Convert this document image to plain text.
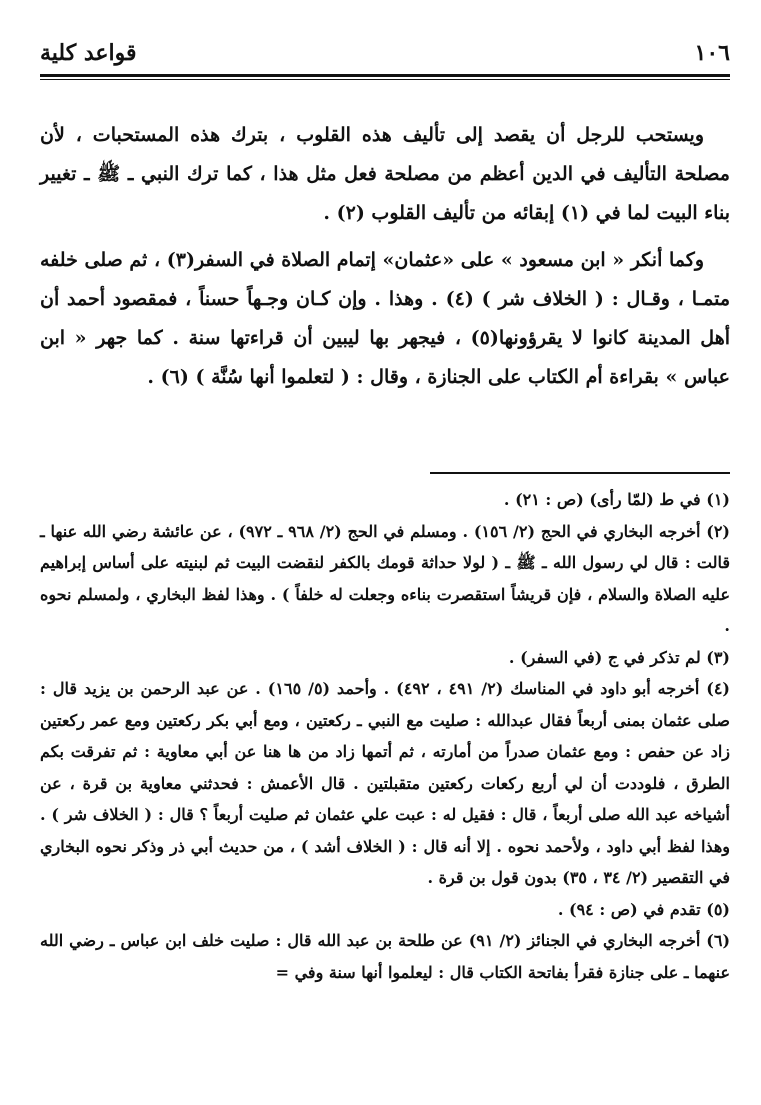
١٠٦
قواعد كلية

ويستحب للرجل أن يقصد إلى تأليف هذه القلوب ، بترك هذه المستحبات ، لأن مصلحة التأليف في الدين أعظم من مصلحة فعل مثل هذا ، كما ترك النبي ـ ﷺ ـ تغيير بناء البيت لما في (١) إبقائه من تأليف القلوب (٢) .

وكما أنكر « ابن مسعود » على «عثمان» إتمام الصلاة في السفر(٣) ، ثم صلى خلفه متمـا ، وقـال : ( الخلاف شر ) (٤) . وهذا . وإن كـان وجـهاً حسناً ، فمقصود أحمد أن أهل المدينة كانوا لا يقرؤونها(٥) ، فيجهر بها ليبين أن قراءتها سنة . كما جهر « ابن عباس » بقراءة أم الكتاب على الجنازة ، وقال : ( لتعلموا أنها سُنَّة ) (٦) .

(١) في ط (لمّا رأى) (ص : ٢١) .

(٢) أخرجه البخاري في الحج (٢/ ١٥٦) . ومسلم في الحج (٢/ ٩٦٨ ـ ٩٧٢) ، عن عائشة رضي الله عنها ـ قالت : قال لي رسول الله ـ ﷺ ـ ( لولا حداثة قومك بالكفر لنقضت البيت ثم لبنيته على أساس إبراهيم عليه الصلاة والسلام ، فإن قريشاً استقصرت بناءه وجعلت له خلفاً ) . وهذا لفظ البخاري ، ولمسلم نحوه .

(٣) لم تذكر في ج (في السفر) .

(٤) أخرجه أبو داود في المناسك (٢/ ٤٩١ ، ٤٩٢) . وأحمد (٥/ ١٦٥) . عن عبد الرحمن بن يزيد قال : صلى عثمان بمنى أربعاً فقال عبدالله : صليت مع النبي ـ ركعتين ، ومع أبي بكر ركعتين ومع عمر ركعتين زاد عن حفص : ومع عثمان صدراً من أمارته ، ثم أتمها زاد من ها هنا عن أبي معاوية : ثم تفرقت بكم الطرق ، فلوددت أن لي أربع ركعات ركعتين متقبلتين . قال الأعمش : فحدثني معاوية بن قرة ، عن أشياخه عبد الله صلى أربعاً ، قال : فقيل له : عبت علي عثمان ثم صليت أربعاً ؟ قال : ( الخلاف شر ) . وهذا لفظ أبي داود ، ولأحمد نحوه . إلا أنه قال : ( الخلاف أشد ) ، من حديث أبي ذر وذكر نحوه البخاري في التقصير (٢/ ٣٤ ، ٣٥) بدون قول بن قرة .

(٥) تقدم في (ص : ٩٤) .

(٦) أخرجه البخاري في الجنائز (٢/ ٩١) عن طلحة بن عبد الله قال : صليت خلف ابن عباس ـ رضي الله عنهما ـ على جنازة فقرأ بفاتحة الكتاب قال : ليعلموا أنها سنة وفي =
